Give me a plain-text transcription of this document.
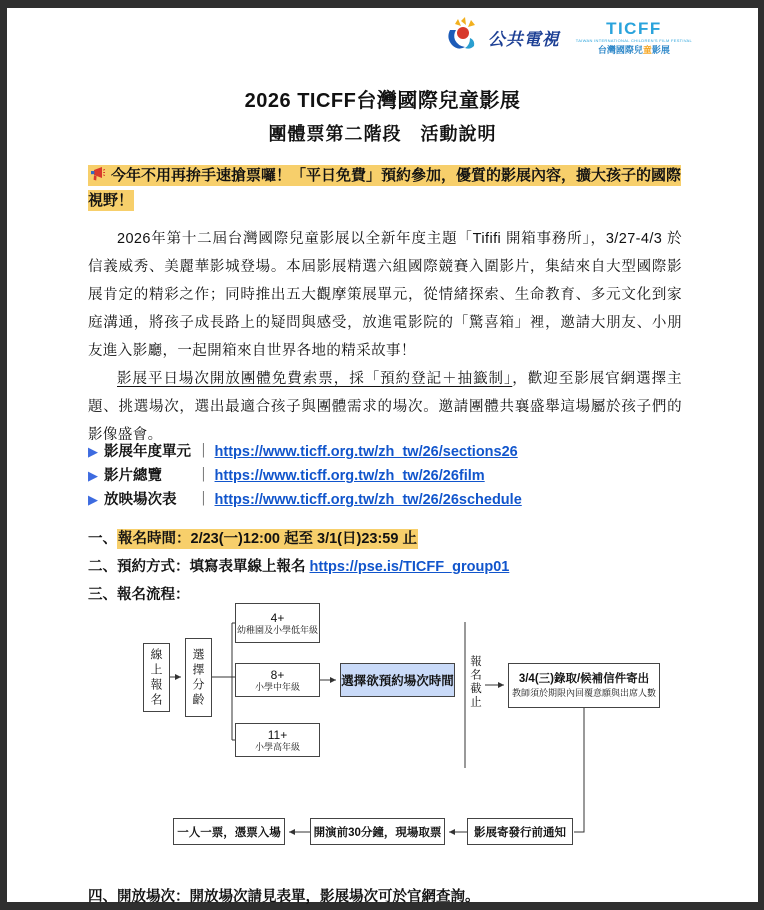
公共電視
TICFF
TAIWAN INTERNATIONAL CHILDREN'S FILM FESTIVAL
台灣國際兒童影展
2026 TICFF台灣國際兒童影展
團體票第二階段　活動說明
今年不用再拚手速搶票囉！「平日免費」預約參加，優質的影展內容，擴大孩子的國際視野！
2026年第十二屆台灣國際兒童影展以全新年度主題「Tififi 開箱事務所」，3/27-4/3 於信義威秀、美麗華影城登場。本屆影展精選六組國際競賽入圍影片，集結來自大型國際影展肯定的精彩之作；同時推出五大觀摩策展單元，從情緒探索、生命教育、多元文化到家庭溝通，將孩子成長路上的疑問與感受，放進電影院的「驚喜箱」裡，邀請大朋友、小朋友進入影廳，一起開箱來自世界各地的精采故事！
影展平日場次開放團體免費索票，採「預約登記＋抽籤制」，歡迎至影展官網選擇主題、挑選場次，選出最適合孩子與團體需求的場次。邀請團體共襄盛舉這場屬於孩子們的影像盛會。
▶ 影展年度單元 ｜ https://www.ticff.org.tw/zh_tw/26/sections26
▶ 影片總覽 ｜ https://www.ticff.org.tw/zh_tw/26/26film
▶ 放映場次表 ｜ https://www.ticff.org.tw/zh_tw/26/26schedule
一、報名時間：2/23(一)12:00 起至 3/1(日)23:59 止
二、預約方式：填寫表單線上報名 https://pse.is/TICFF_group01
三、報名流程：
線上報名 選擇分齡
4+
幼稚園及小學低年級
8+
小學中年級
11+
小學高年級
選擇欲預約場次時間 報名截止	3/4(三)錄取/候補信件寄出
教師須於期限內回覆意願與出席人數
影展寄發行前通知
開演前30分鐘，現場取票
一人一票，憑票入場
四、開放場次：開放場次請見表單，影展場次可於官網查詢。
